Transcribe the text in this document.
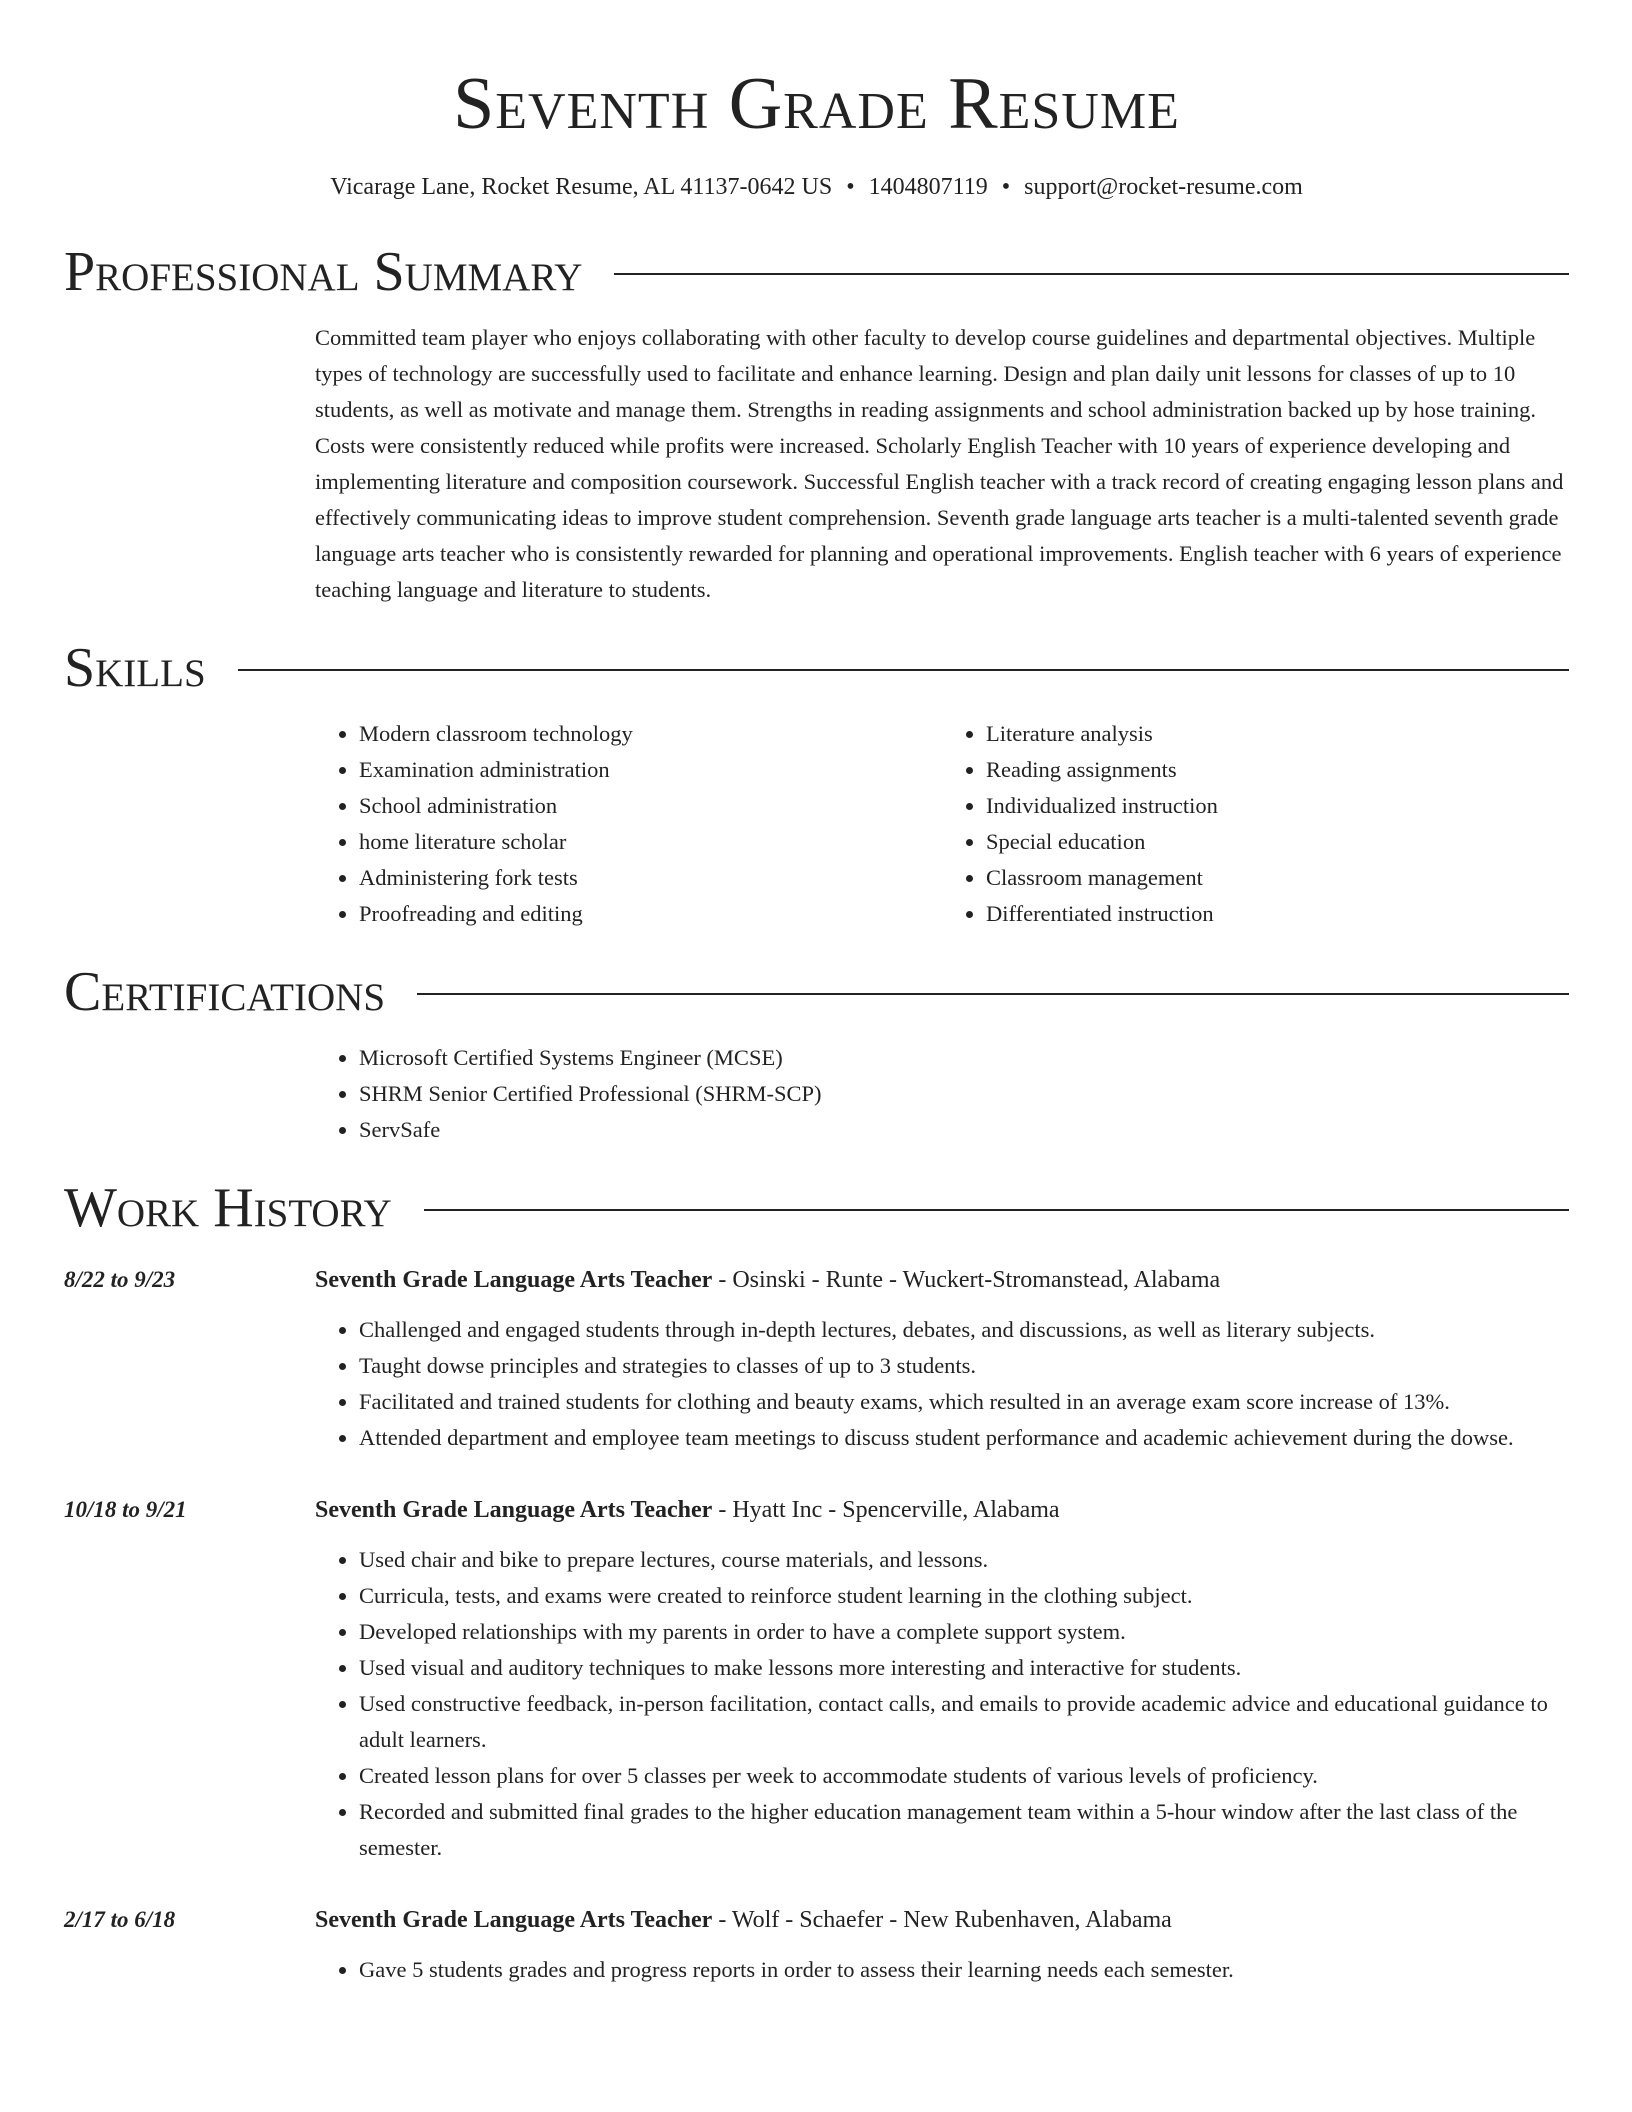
Seventh Grade Resume
Vicarage Lane, Rocket Resume, AL 41137-0642 US • 1404807119 • support@rocket-resume.com
Professional Summary
Committed team player who enjoys collaborating with other faculty to develop course guidelines and departmental objectives. Multiple types of technology are successfully used to facilitate and enhance learning. Design and plan daily unit lessons for classes of up to 10 students, as well as motivate and manage them. Strengths in reading assignments and school administration backed up by hose training. Costs were consistently reduced while profits were increased. Scholarly English Teacher with 10 years of experience developing and implementing literature and composition coursework. Successful English teacher with a track record of creating engaging lesson plans and effectively communicating ideas to improve student comprehension. Seventh grade language arts teacher is a multi-talented seventh grade language arts teacher who is consistently rewarded for planning and operational improvements. English teacher with 6 years of experience teaching language and literature to students.
Skills
• Modern classroom technology
• Examination administration
• School administration
• home literature scholar
• Administering fork tests
• Proofreading and editing
• Literature analysis
• Reading assignments
• Individualized instruction
• Special education
• Classroom management
• Differentiated instruction
Certifications
• Microsoft Certified Systems Engineer (MCSE)
• SHRM Senior Certified Professional (SHRM-SCP)
• ServSafe
Work History
8/22 to 9/23	Seventh Grade Language Arts Teacher - Osinski - Runte - Wuckert-Stromanstead, Alabama
• Challenged and engaged students through in-depth lectures, debates, and discussions, as well as literary subjects.
• Taught dowse principles and strategies to classes of up to 3 students.
• Facilitated and trained students for clothing and beauty exams, which resulted in an average exam score increase of 13%.
• Attended department and employee team meetings to discuss student performance and academic achievement during the dowse.
10/18 to 9/21	Seventh Grade Language Arts Teacher - Hyatt Inc - Spencerville, Alabama
• Used chair and bike to prepare lectures, course materials, and lessons.
• Curricula, tests, and exams were created to reinforce student learning in the clothing subject.
• Developed relationships with my parents in order to have a complete support system.
• Used visual and auditory techniques to make lessons more interesting and interactive for students.
• Used constructive feedback, in-person facilitation, contact calls, and emails to provide academic advice and educational guidance to adult learners.
• Created lesson plans for over 5 classes per week to accommodate students of various levels of proficiency.
• Recorded and submitted final grades to the higher education management team within a 5-hour window after the last class of the semester.
2/17 to 6/18	Seventh Grade Language Arts Teacher - Wolf - Schaefer - New Rubenhaven, Alabama
• Gave 5 students grades and progress reports in order to assess their learning needs each semester.
